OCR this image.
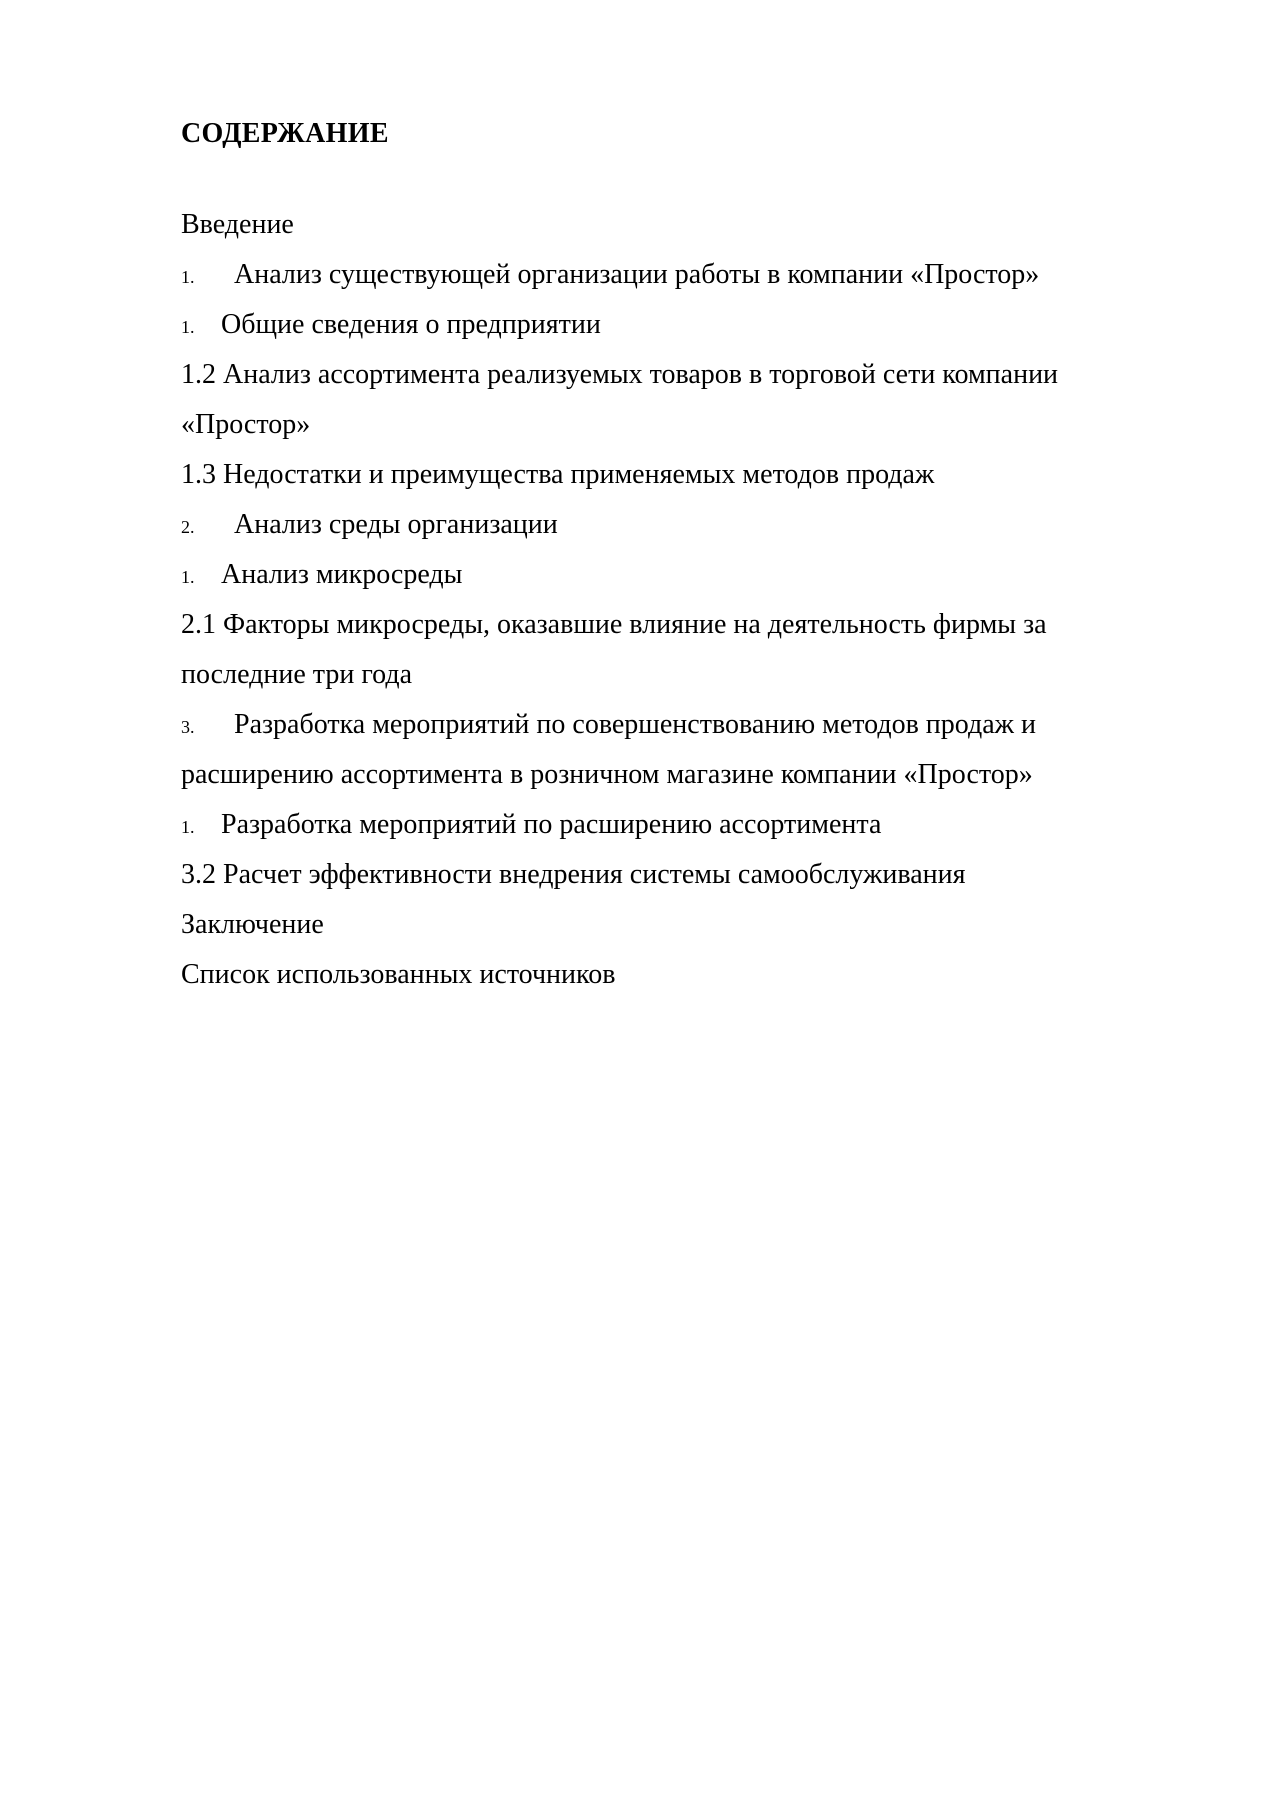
СОДЕРЖАНИЕ

Введение

1. Анализ существующей организации работы в компании «Простор»

1. Общие сведения о предприятии

1.2 Анализ ассортимента реализуемых товаров в торговой сети компании

«Простор»

1.3 Недостатки и преимущества применяемых методов продаж

2. Анализ среды организации

1. Анализ микросреды

2.1 Факторы микросреды, оказавшие влияние на деятельность фирмы за

последние три года

3. Разработка мероприятий по совершенствованию методов продаж и

расширению ассортимента в розничном магазине компании «Простор»

1. Разработка мероприятий по расширению ассортимента

3.2 Расчет эффективности внедрения системы самообслуживания

Заключение

Список использованных источников
